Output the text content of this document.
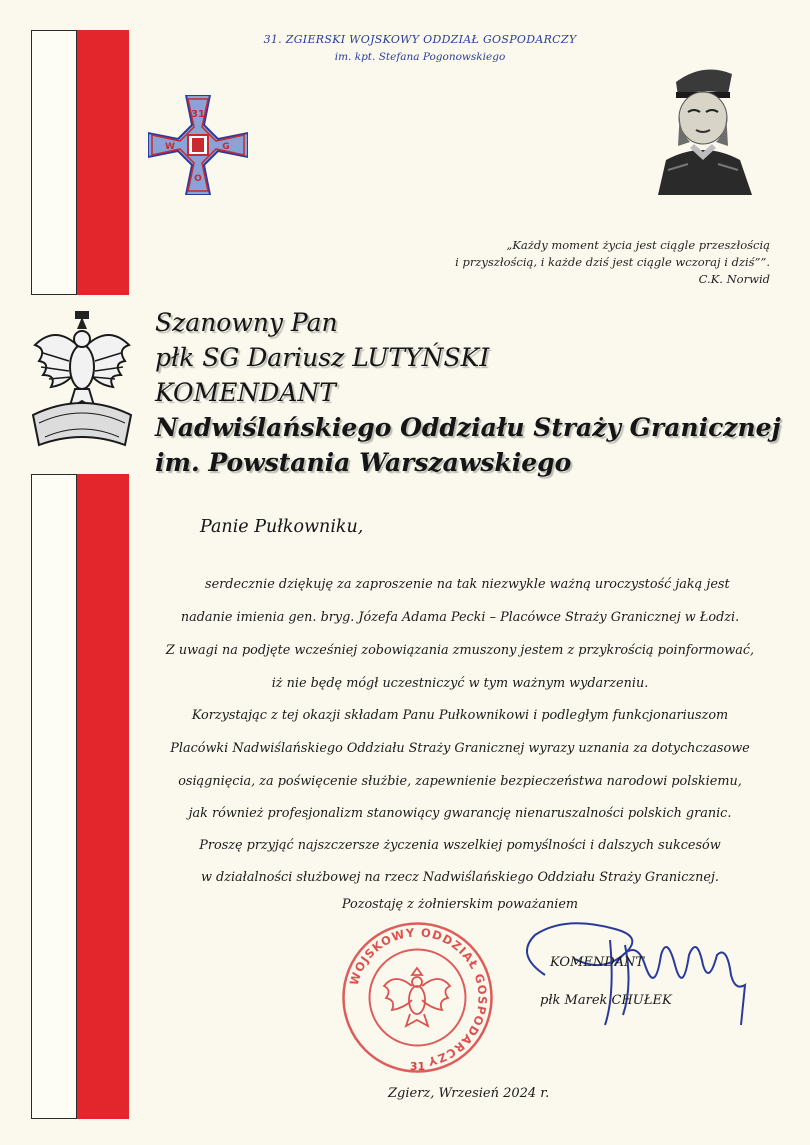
31. ZGIERSKI WOJSKOWY ODDZIAŁ GOSPODARCZY
im. kpt. Stefana Pogonowskiego
31
W
O
G
„Każdy moment życia jest ciągle przeszłością
i przyszłością, i każde dziś jest ciągle wczoraj i dziś””.
C.K. Norwid
Szanowny Pan
płk SG Dariusz LUTYŃSKI
KOMENDANT
Nadwiślańskiego Oddziału Straży Granicznej
im. Powstania Warszawskiego
Panie Pułkowniku,
serdecznie dziękuję za zaproszenie na tak niezwykle ważną uroczystość jaką jest
nadanie imienia gen. bryg. Józefa Adama Pecki – Placówce Straży Granicznej w Łodzi.
Z uwagi na podjęte wcześniej zobowiązania zmuszony jestem z przykrością poinformować,
iż nie będę mógł uczestniczyć w tym ważnym wydarzeniu.
Korzystając z tej okazji składam Panu Pułkownikowi i podległym funkcjonariuszom
Placówki Nadwiślańskiego Oddziału Straży Granicznej wyrazy uznania za dotychczasowe
osiągnięcia, za poświęcenie służbie, zapewnienie bezpieczeństwa narodowi polskiemu,
jak również profesjonalizm stanowiący gwarancję nienaruszalności polskich granic.
Proszę przyjąć najszczersze życzenia wszelkiej pomyślności i dalszych sukcesów
w działalności służbowej na rzecz Nadwiślańskiego Oddziału Straży Granicznej.
Pozostaję z żołnierskim poważaniem
WOJSKOWY ODDZIAŁ GOSPODARCZY
31
KOMENDANT
płk Marek CHUŁEK
Zgierz, Wrzesień 2024 r.
